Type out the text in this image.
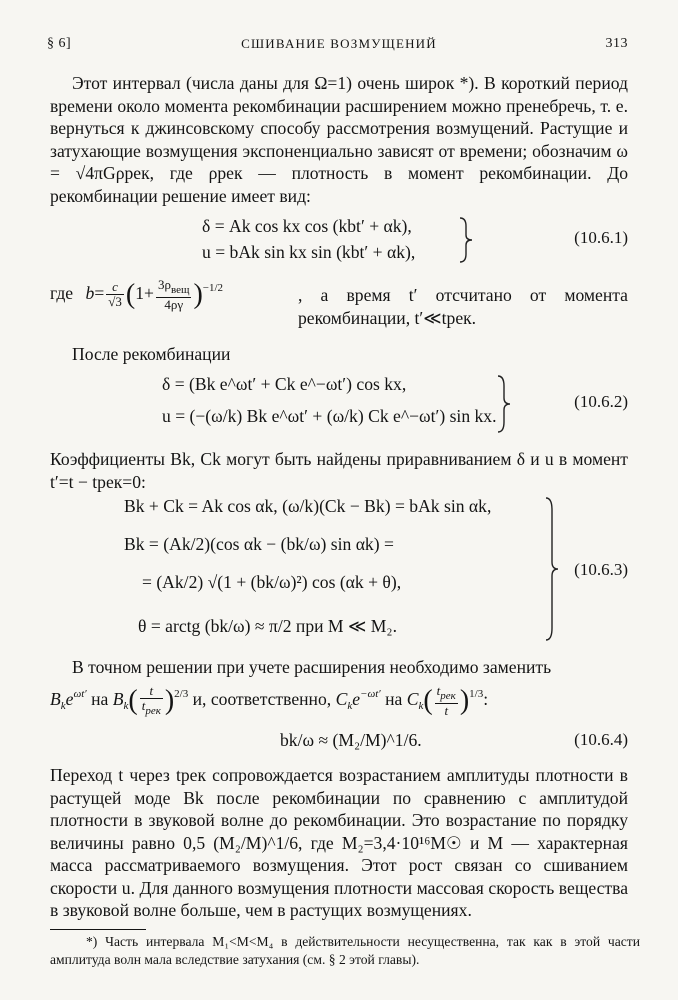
§ 6]	СШИВАНИЕ ВОЗМУЩЕНИЙ	313

Этот интервал (числа даны для Ω=1) очень широк *). В короткий период времени около момента рекомбинации расширением можно пренебречь, т. е. вернуться к джинсовскому способу рассмотрения возмущений. Растущие и затухающие возмущения экспоненциально зависят от времени; обозначим ω = √4πGρрек, где ρрек — плотность в момент рекомбинации. До рекомбинации решение имеет вид:

δ = Ak cos kx cos (kbt′ + αk),
u = bAk sin kx sin (kbt′ + αk),
(10.6.1)
где $b= \frac{c}{√3} (1+ \frac{3\rho_{вещ}}{4\rho\gamma} )^{-1/2}$	, а время t′ отсчитано от момента рекомбинации, t′≪tрек.

После рекомбинации

δ = (Bk e^ωt′ + Ck e^−ωt′) cos kx,
u = (−(ω/k) Bk e^ωt′ + (ω/k) Ck e^−ωt′) sin kx.
(10.6.2)

Коэффициенты Bk, Ck могут быть найдены приравниванием δ и u в момент t′=t − tрек=0:

Bk + Ck = Ak cos αk, (ω/k)(Ck − Bk) = bAk sin αk,
Bk = (Ak/2)(cos αk − (bk/ω) sin αk) =
= (Ak/2) √(1 + (bk/ω)²) cos (αk + θ),
θ = arctg (bk/ω) ≈ π/2 при M ≪ M₂.
(10.6.3)

В точном решении при учете расширения необходимо заменить

$B_ke^{\omega t'}$ на $B_k( \frac{t}{t_{рек}} )^{2/3}$ и, соответственно, $C_ke^{-\omega t'}$ на $C_k( \frac{t_{рек}}{t} )^{1/3}$:
bk/ω ≈ (M₂/M)^1/6.	(10.6.4)

Переход t через tрек сопровождается возрастанием амплитуды плотности в растущей моде Bk после рекомбинации по сравнению с амплитудой плотности в звуковой волне до рекомбинации. Это возрастание по порядку величины равно 0,5 (M₂/M)^1/6, где M₂=3,4·10¹⁶M☉ и M — характерная масса рассматриваемого возмущения. Этот рост связан со сшиванием скорости u. Для данного возмущения плотности массовая скорость вещества в звуковой волне больше, чем в растущих возмущениях.

*) Часть интервала M₁<M<M₄ в действительности несущественна, так как в этой части амплитуда волн мала вследствие затухания (см. § 2 этой главы).
